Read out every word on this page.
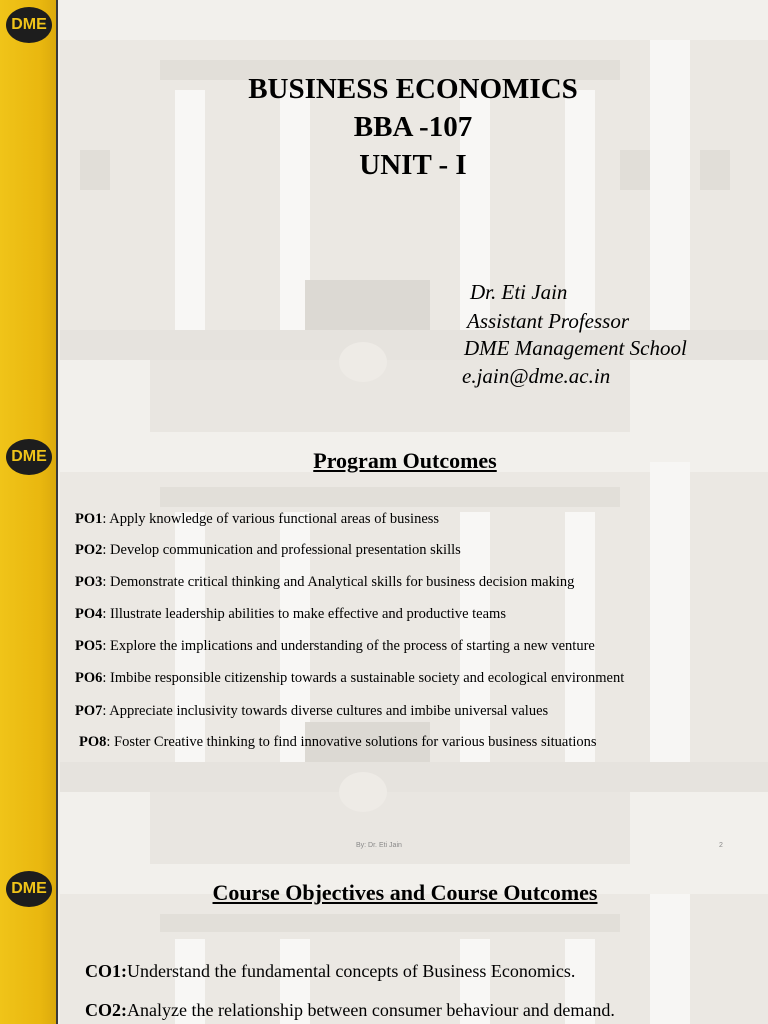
DME
BUSINESS ECONOMICS
BBA -107
UNIT - I
Dr. Eti Jain
Assistant Professor
DME Management School
e.jain@dme.ac.in
DME	Program Outcomes
PO1: Apply knowledge of various functional areas of business
PO2: Develop communication and professional presentation skills
PO3: Demonstrate critical thinking and Analytical skills for business decision making
PO4: Illustrate leadership abilities to make effective and productive teams
PO5: Explore the implications and understanding of the process of starting a new venture
PO6: Imbibe responsible citizenship towards a sustainable society and ecological environment
PO7: Appreciate inclusivity towards diverse cultures and imbibe universal values
PO8: Foster Creative thinking to find innovative solutions for various business situations
By: Dr. Eti Jain	2
DME	Course Objectives and Course Outcomes
CO1:Understand the fundamental concepts of Business Economics.
CO2:Analyze the relationship between consumer behaviour and demand.
